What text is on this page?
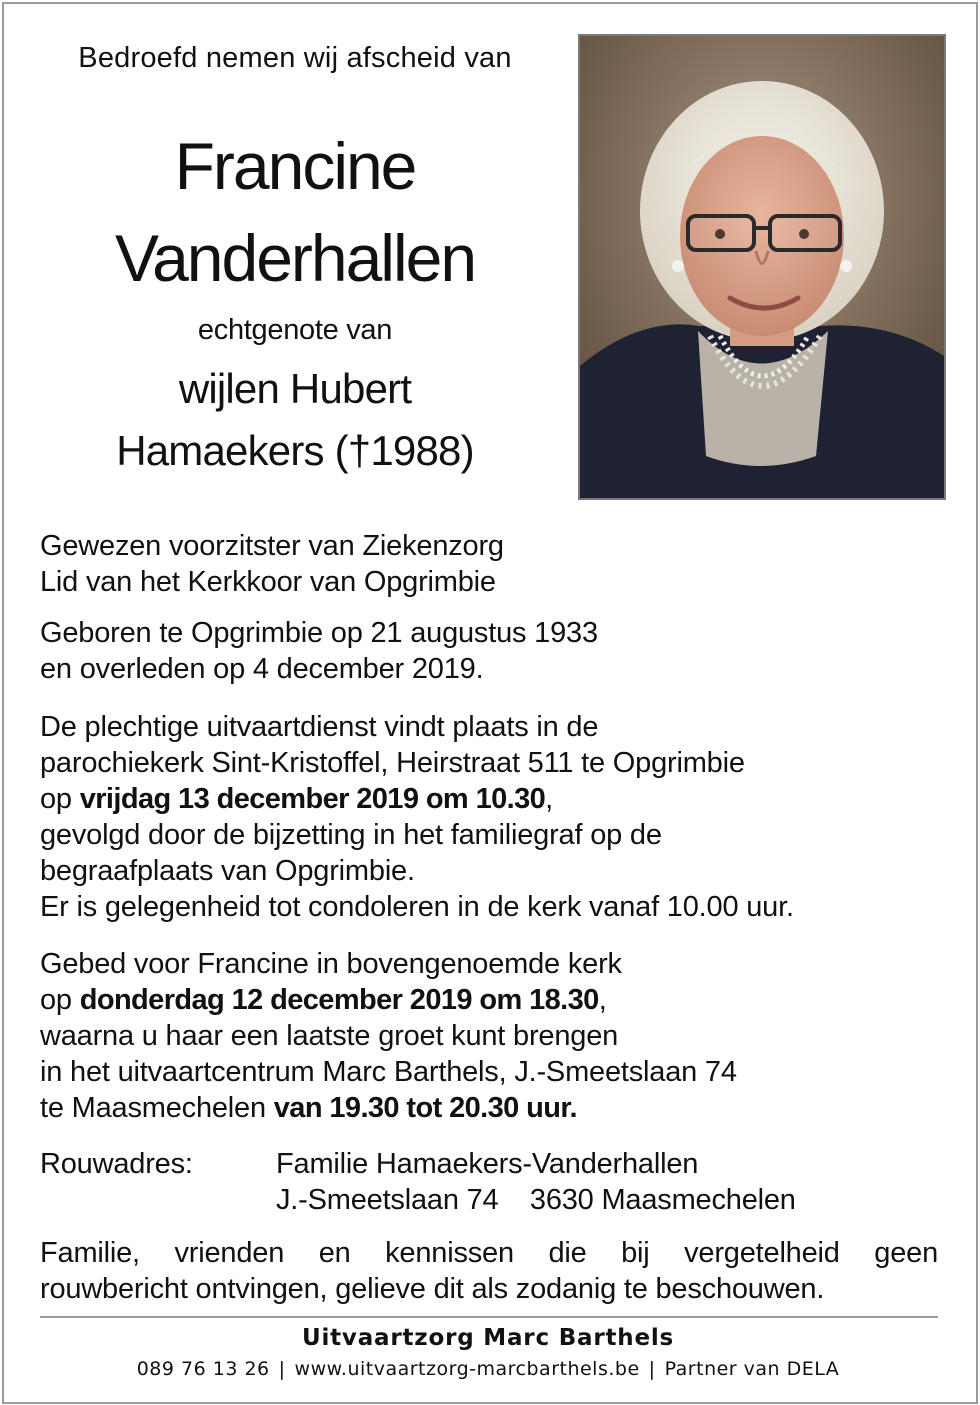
Bedroefd nemen wij afscheid van
Francine
Vanderhallen
echtgenote van
wijlen Hubert
Hamaekers (†1988)

Gewezen voorzitster van Ziekenzorg

Lid van het Kerkkoor van Opgrimbie

Geboren te Opgrimbie op 21 augustus 1933

en overleden op 4 december 2019.

De plechtige uitvaartdienst vindt plaats in de

parochiekerk Sint-Kristoffel, Heirstraat 511 te Opgrimbie

op vrijdag 13 december 2019 om 10.30,

gevolgd door de bijzetting in het familiegraf op de

begraafplaats van Opgrimbie.

Er is gelegenheid tot condoleren in de kerk vanaf 10.00 uur.

Gebed voor Francine in bovengenoemde kerk

op donderdag 12 december 2019 om 18.30,

waarna u haar een laatste groet kunt brengen

in het uitvaartcentrum Marc Barthels, J.-Smeetslaan 74

te Maasmechelen van 19.30 tot 20.30 uur.

Rouwadres:	Familie Hamaekers-Vanderhallen
J.-Smeetslaan 74    3630 Maasmechelen

Familie, vrienden en kennissen die bij vergetelheid geen

rouwbericht ontvingen, gelieve dit als zodanig te beschouwen.

Uitvaartzorg Marc Barthels
089 76 13 26 | www.uitvaartzorg-marcbarthels.be | Partner van DELA
